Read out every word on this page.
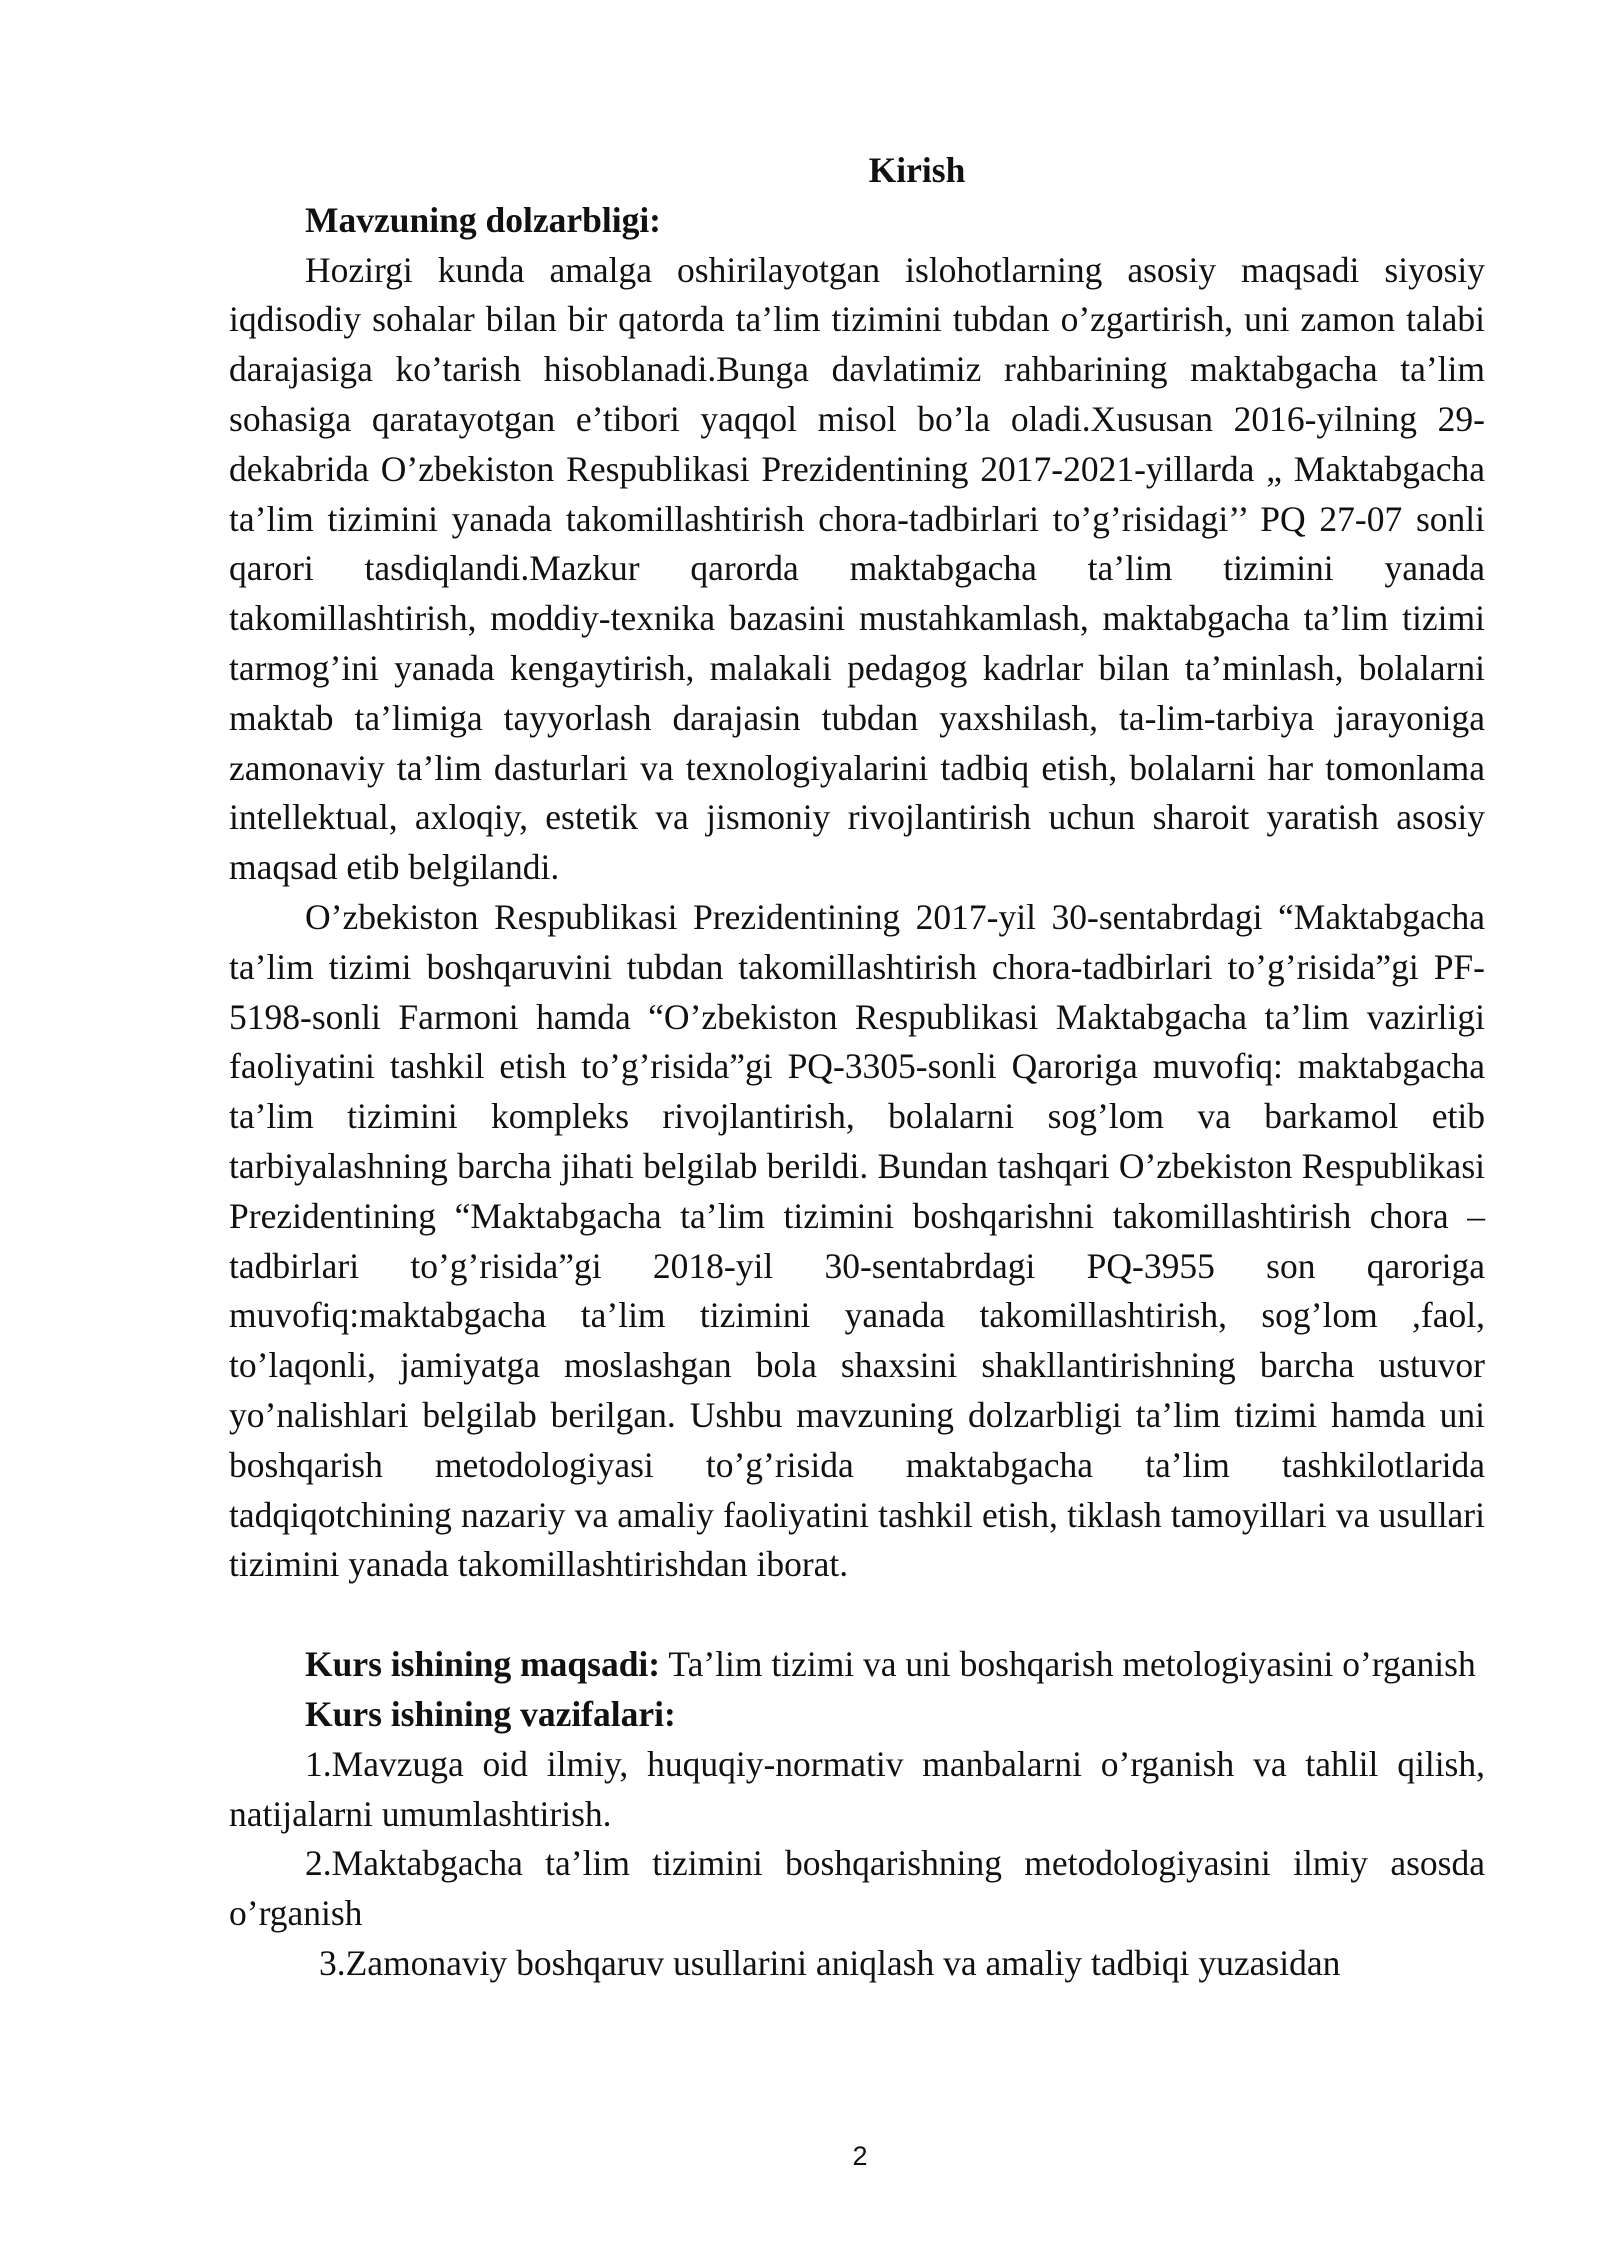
Kirish

Mavzuning dolzarbligi:

Hozirgi kunda amalga oshirilayotgan islohotlarning asosiy maqsadi siyosiy iqdisodiy sohalar bilan bir qatorda ta’lim tizimini tubdan o’zgartirish, uni zamon talabi darajasiga ko’tarish hisoblanadi.Bunga davlatimiz rahbarining maktabgacha ta’lim sohasiga qaratayotgan e’tibori yaqqol misol bo’la oladi.Xususan 2016-yilning 29-dekabrida O’zbekiston Respublikasi Prezidentining 2017-2021-yillarda „ Maktabgacha ta’lim tizimini yanada takomillashtirish chora-tadbirlari to’g’risidagi’’ PQ 27-07 sonli qarori tasdiqlandi.Mazkur qarorda maktabgacha ta’lim tizimini yanada takomillashtirish, moddiy-texnika bazasini mustahkamlash, maktabgacha ta’lim tizimi tarmog’ini yanada kengaytirish, malakali pedagog kadrlar bilan ta’minlash, bolalarni maktab ta’limiga tayyorlash darajasin tubdan yaxshilash, ta-lim-tarbiya jarayoniga zamonaviy ta’lim dasturlari va texnologiyalarini tadbiq etish, bolalarni har tomonlama intellektual, axloqiy, estetik va jismoniy rivojlantirish uchun sharoit yaratish asosiy maqsad etib belgilandi.

O’zbekiston Respublikasi Prezidentining 2017-yil 30-sentabrdagi “Maktabgacha ta’lim tizimi boshqaruvini tubdan takomillashtirish chora-tadbirlari to’g’risida”gi PF-5198-sonli Farmoni hamda “O’zbekiston Respublikasi Maktabgacha ta’lim vazirligi faoliyatini tashkil etish to’g’risida”gi PQ-3305-sonli Qaroriga muvofiq: maktabgacha ta’lim tizimini kompleks rivojlantirish, bolalarni sog’lom va barkamol etib tarbiyalashning barcha jihati belgilab berildi. Bundan tashqari O’zbekiston Respublikasi Prezidentining “Maktabgacha ta’lim tizimini boshqarishni takomillashtirish chora –tadbirlari to’g’risida”gi 2018-yil 30-sentabrdagi PQ-3955 son qaroriga muvofiq:maktabgacha ta’lim tizimini yanada takomillashtirish, sog’lom ,faol, to’laqonli, jamiyatga moslashgan bola shaxsini shakllantirishning barcha ustuvor yo’nalishlari belgilab berilgan. Ushbu mavzuning dolzarbligi ta’lim tizimi hamda uni boshqarish metodologiyasi to’g’risida maktabgacha ta’lim tashkilotlarida tadqiqotchining nazariy va amaliy faoliyatini tashkil etish, tiklash tamoyillari va usullari tizimini yanada takomillashtirishdan iborat.

Kurs ishining maqsadi: Ta’lim tizimi va uni boshqarish metologiyasini o’rganish

Kurs ishining vazifalari:

1.Mavzuga oid ilmiy, huquqiy-normativ manbalarni o’rganish va tahlil qilish, natijalarni umumlashtirish.

2.Maktabgacha ta’lim tizimini boshqarishning metodologiyasini ilmiy asosda o’rganish

3.Zamonaviy boshqaruv usullarini aniqlash va amaliy tadbiqi yuzasidan

2
